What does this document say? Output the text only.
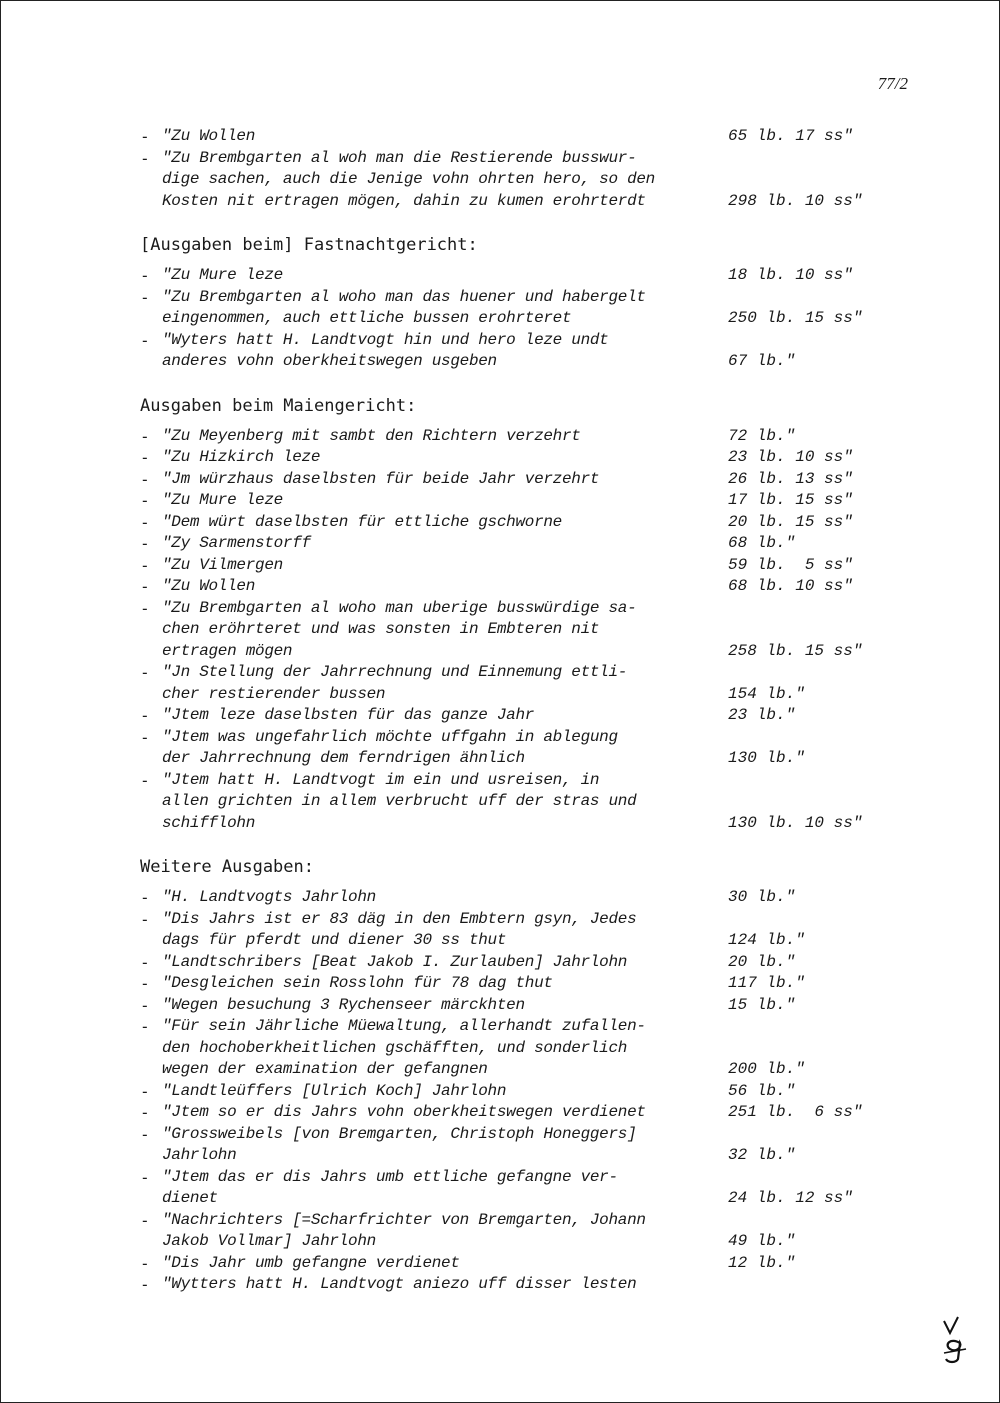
77/2
- "Zu Wollen	65 lb. 17 ss"
- "Zu Brembgarten al woh man die Restierende busswur-
dige sachen, auch die Jenige vohn ohrten hero, so den
Kosten nit ertragen mögen, dahin zu kumen erohrterdt	298 lb. 10 ss"
[Ausgaben beim] Fastnachtgericht:
- "Zu Mure leze	18 lb. 10 ss"
- "Zu Brembgarten al woho man das huener und habergelt
eingenommen, auch ettliche bussen erohrteret	250 lb. 15 ss"
- "Wyters hatt H. Landtvogt hin und hero leze undt
anderes vohn oberkheitswegen usgeben	67 lb."
Ausgaben beim Maiengericht:
- "Zu Meyenberg mit sambt den Richtern verzehrt	72 lb."
- "Zu Hizkirch leze	23 lb. 10 ss"
- "Jm würzhaus daselbsten für beide Jahr verzehrt	26 lb. 13 ss"
- "Zu Mure leze	17 lb. 15 ss"
- "Dem würt daselbsten für ettliche gschworne	20 lb. 15 ss"
- "Zy Sarmenstorff	68 lb."
- "Zu Vilmergen	59 lb.  5 ss"
- "Zu Wollen	68 lb. 10 ss"
- "Zu Brembgarten al woho man uberige busswürdige sa-
chen eröhrteret und was sonsten in Embteren nit
ertragen mögen	258 lb. 15 ss"
- "Jn Stellung der Jahrrechnung und Einnemung ettli-
cher restierender bussen	154 lb."
- "Jtem leze daselbsten für das ganze Jahr	23 lb."
- "Jtem was ungefahrlich möchte uffgahn in ablegung
der Jahrrechnung dem ferndrigen ähnlich	130 lb."
- "Jtem hatt H. Landtvogt im ein und usreisen, in
allen grichten in allem verbrucht uff der stras und
schifflohn	130 lb. 10 ss"
Weitere Ausgaben:
- "H. Landtvogts Jahrlohn	30 lb."
- "Dis Jahrs ist er 83 däg in den Embtern gsyn, Jedes
dags für pferdt und diener 30 ss thut	124 lb."
- "Landtschribers [Beat Jakob I. Zurlauben] Jahrlohn	20 lb."
- "Desgleichen sein Rosslohn für 78 dag thut	117 lb."
- "Wegen besuchung 3 Rychenseer märckhten	15 lb."
- "Für sein Jährliche Müewaltung, allerhandt zufallen-
den hochoberkheitlichen gschäfften, und sonderlich
wegen der examination der gefangnen	200 lb."
- "Landtleüffers [Ulrich Koch] Jahrlohn	56 lb."
- "Jtem so er dis Jahrs vohn oberkheitswegen verdienet	251 lb.  6 ss"
- "Grossweibels [von Bremgarten, Christoph Honeggers]
Jahrlohn	32 lb."
- "Jtem das er dis Jahrs umb ettliche gefangne ver-
dienet	24 lb. 12 ss"
- "Nachrichters [=Scharfrichter von Bremgarten, Johann
Jakob Vollmar] Jahrlohn	49 lb."
- "Dis Jahr umb gefangne verdienet	12 lb."
- "Wytters hatt H. Landtvogt aniezo uff disser lesten
